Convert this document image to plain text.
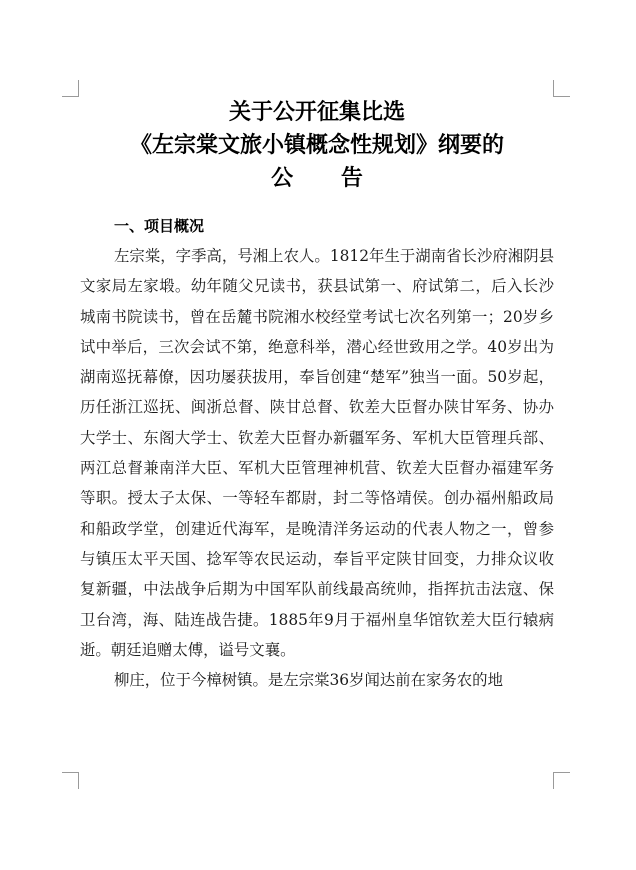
关于公开征集比选
《左宗棠文旅小镇概念性规划》纲要的
公 告
一、项目概况

左宗棠，字季高，号湘上农人。1812年生于湖南省长沙府湘阴县文家局左家塅。幼年随父兄读书，获县试第一、府试第二，后入长沙城南书院读书，曾在岳麓书院湘水校经堂考试七次名列第一；20岁乡试中举后，三次会试不第，绝意科举，潜心经世致用之学。40岁出为湖南巡抚幕僚，因功屡获拔用，奉旨创建“楚军”独当一面。50岁起，历任浙江巡抚、闽浙总督、陕甘总督、钦差大臣督办陕甘军务、协办大学士、东阁大学士、钦差大臣督办新疆军务、军机大臣管理兵部、两江总督兼南洋大臣、军机大臣管理神机营、钦差大臣督办福建军务等职。授太子太保、一等轻车都尉，封二等恪靖侯。创办福州船政局和船政学堂，创建近代海军，是晚清洋务运动的代表人物之一，曾参与镇压太平天国、捻军等农民运动，奉旨平定陕甘回变，力排众议收复新疆，中法战争后期为中国军队前线最高统帅，指挥抗击法寇、保卫台湾，海、陆连战告捷。1885年9月于福州皇华馆钦差大臣行辕病逝。朝廷追赠太傅，谥号文襄。

柳庄，位于今樟树镇。是左宗棠36岁闻达前在家务农的地
